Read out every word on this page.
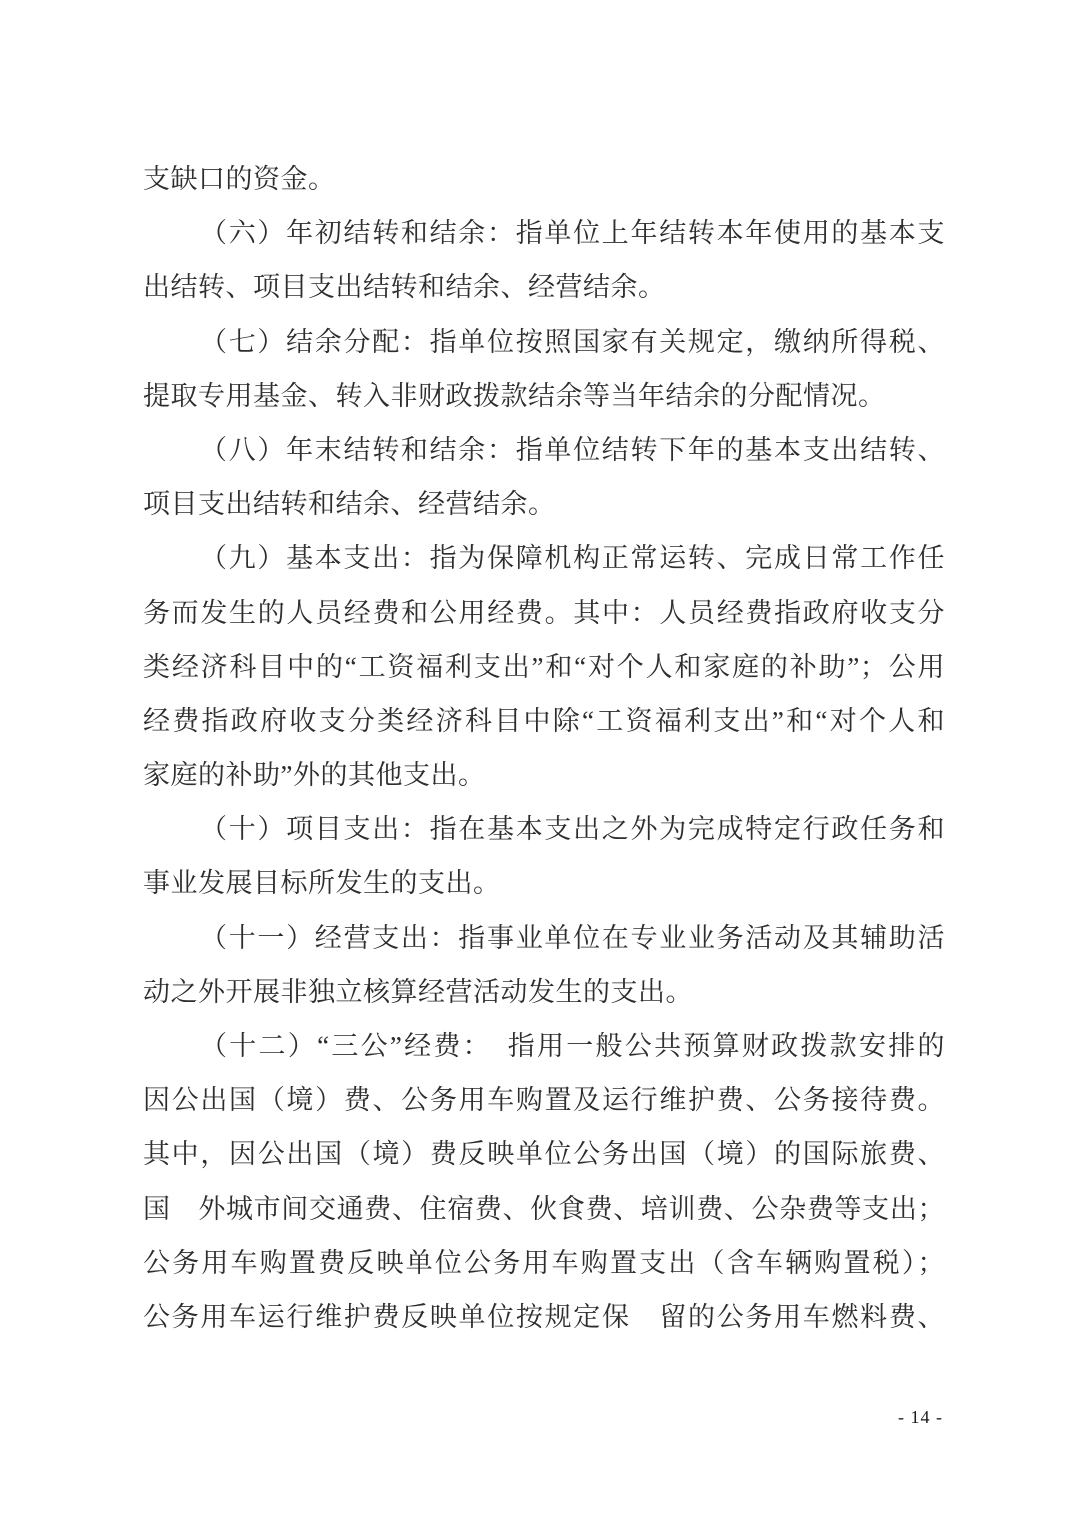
支缺口的资金。
（六）年初结转和结余：指单位上年结转本年使用的基本支
出结转、项目支出结转和结余、经营结余。
（七）结余分配：指单位按照国家有关规定，缴纳所得税、
提取专用基金、转入非财政拨款结余等当年结余的分配情况。
（八）年末结转和结余：指单位结转下年的基本支出结转、
项目支出结转和结余、经营结余。
（九）基本支出：指为保障机构正常运转、完成日常工作任
务而发生的人员经费和公用经费。其中：人员经费指政府收支分
类经济科目中的“工资福利支出”和“对个人和家庭的补助”；公用
经费指政府收支分类经济科目中除“工资福利支出”和“对个人和
家庭的补助”外的其他支出。
（十）项目支出：指在基本支出之外为完成特定行政任务和
事业发展目标所发生的支出。
（十一）经营支出：指事业单位在专业业务活动及其辅助活
动之外开展非独立核算经营活动发生的支出。
（十二）“三公”经费：　指用一般公共预算财政拨款安排的
因公出国（境）费、公务用车购置及运行维护费、公务接待费。
其中，因公出国（境）费反映单位公务出国（境）的国际旅费、
国　外城市间交通费、住宿费、伙食费、培训费、公杂费等支出；
公务用车购置费反映单位公务用车购置支出（含车辆购置税）；
公务用车运行维护费反映单位按规定保　留的公务用车燃料费、
- 14 -
